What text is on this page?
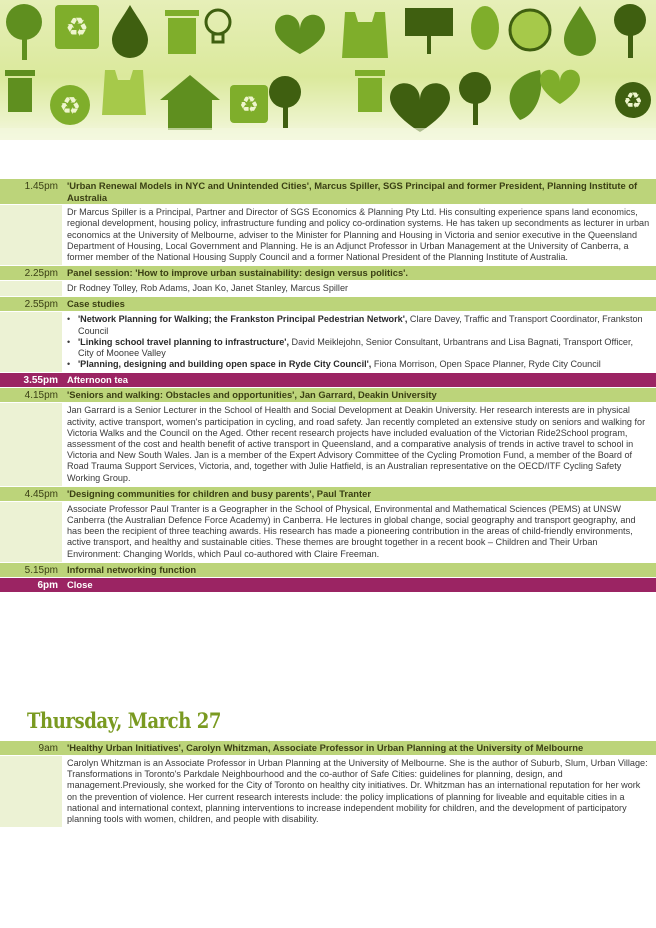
♻
♻	♻	♻
1.45pm 'Urban Renewal Models in NYC and Unintended Cities', Marcus Spiller, SGS Principal and former President, Planning Institute of Australia
Dr Marcus Spiller is a Principal, Partner and Director of SGS Economics & Planning Pty Ltd. His consulting experience spans land economics, regional development, housing policy, infrastructure funding and policy co-ordination systems. He has taken up secondments as lecturer in urban economics at the University of Melbourne, adviser to the Minister for Planning and Housing in Victoria and senior executive in the Queensland Department of Housing, Local Government and Planning. He is an Adjunct Professor in Urban Management at the University of Canberra, a former member of the National Housing Supply Council and a former National President of the Planning Institute of Australia.
2.25pm Panel session: 'How to improve urban sustainability: design versus politics'.
Dr Rodney Tolley, Rob Adams, Joan Ko, Janet Stanley, Marcus Spiller
2.55pm Case studies
• 'Network Planning for Walking; the Frankston Principal Pedestrian Network', Clare Davey, Traffic and Transport Coordinator, Frankston Council
• 'Linking school travel planning to infrastructure', David Meiklejohn, Senior Consultant, Urbantrans and Lisa Bagnati, Transport Officer, City of Moonee Valley
• 'Planning, designing and building open space in Ryde City Council', Fiona Morrison, Open Space Planner, Ryde City Council
3.55pm Afternoon tea
4.15pm 'Seniors and walking: Obstacles and opportunities', Jan Garrard, Deakin University
Jan Garrard is a Senior Lecturer in the School of Health and Social Development at Deakin University. Her research interests are in physical activity, active transport, women's participation in cycling, and road safety. Jan recently completed an extensive study on seniors and walking for Victoria Walks and the Council on the Aged. Other recent research projects have included evaluation of the Victorian Ride2School program, assessment of the cost and health benefit of active transport in Queensland, and a comparative analysis of trends in active travel to school in Victoria and New South Wales. Jan is a member of the Expert Advisory Committee of the Cycling Promotion Fund, a member of the Board of Road Trauma Support Services, Victoria, and, together with Julie Hatfield, is an Australian representative on the OECD/ITF Cycling Safety Working Group.
4.45pm 'Designing communities for children and busy parents', Paul Tranter
Associate Professor Paul Tranter is a Geographer in the School of Physical, Environmental and Mathematical Sciences (PEMS) at UNSW Canberra (the Australian Defence Force Academy) in Canberra. He lectures in global change, social geography and transport geography, and has been the recipient of three teaching awards. His research has made a pioneering contribution in the areas of child-friendly environments, active transport, and healthy and sustainable cities. These themes are brought together in a recent book – Children and Their Urban Environment: Changing Worlds, which Paul co-authored with Claire Freeman.
5.15pm Informal networking function
6pm Close
Thursday, March 27
9am 'Healthy Urban Initiatives', Carolyn Whitzman, Associate Professor in Urban Planning at the University of Melbourne
Carolyn Whitzman is an Associate Professor in Urban Planning at the University of Melbourne. She is the author of Suburb, Slum, Urban Village: Transformations in Toronto's Parkdale Neighbourhood and the co-author of Safe Cities: guidelines for planning, design, and management.Previously, she worked for the City of Toronto on healthy city initiatives. Dr. Whitzman has an international reputation for her work on the prevention of violence. Her current research interests include: the policy implications of planning for liveable and equitable cities in a national and international context, planning interventions to increase independent mobility for children, and the development of participatory planning tools with women, children, and people with disability.
